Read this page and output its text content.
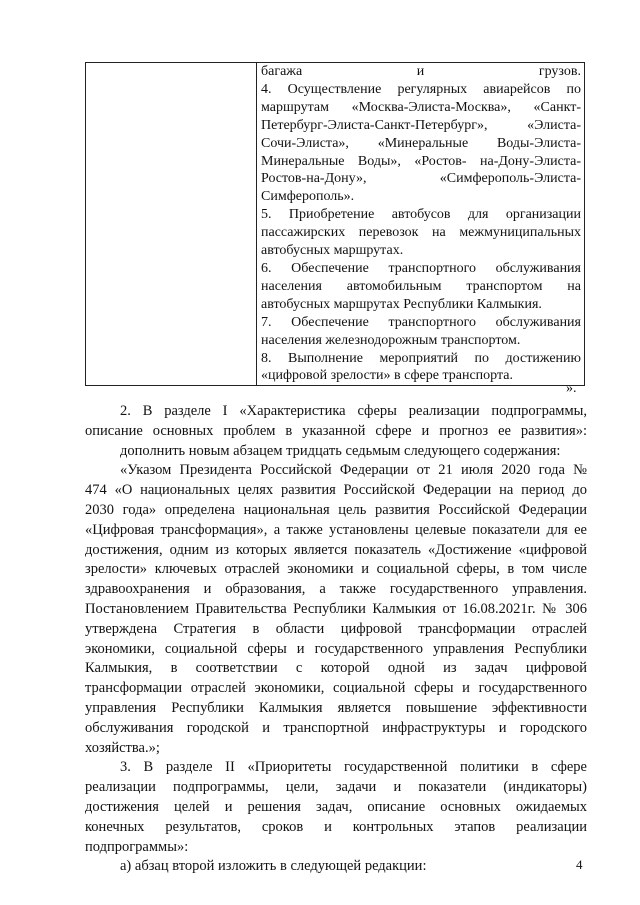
багажа и грузов.
4. Осуществление регулярных авиарейсов по
маршрутам «Москва-Элиста-Москва», «Санкт-
Петербург-Элиста-Санкт-Петербург», «Элиста-
Сочи-Элиста», «Минеральные Воды-Элиста-
Минеральные Воды», «Ростов- на-Дону-Элиста-
Ростов-на-Дону», «Симферополь-Элиста-
Симферополь».
5. Приобретение автобусов для организации
пассажирских перевозок на межмуниципальных
автобусных маршрутах.
6. Обеспечение транспортного обслуживания
населения автомобильным транспортом на
автобусных маршрутах Республики Калмыкия.
7. Обеспечение транспортного обслуживания
населения железнодорожным транспортом.
8. Выполнение мероприятий по достижению
«цифровой зрелости» в сфере транспорта.
».
2. В разделе I «Характеристика сферы реализации подпрограммы,
описание основных проблем в указанной сфере и прогноз ее развития»:
дополнить новым абзацем тридцать седьмым следующего содержания:
«Указом Президента Российской Федерации от 21 июля 2020 года №
474 «О национальных целях развития Российской Федерации на период до
2030 года» определена национальная цель развития Российской Федерации
«Цифровая трансформация», а также установлены целевые показатели для ее
достижения, одним из которых является показатель «Достижение «цифровой
зрелости» ключевых отраслей экономики и социальной сферы, в том числе
здравоохранения и образования, а также государственного управления.
Постановлением Правительства Республики Калмыкия от 16.08.2021г. № 306
утверждена Стратегия в области цифровой трансформации отраслей
экономики, социальной сферы и государственного управления Республики
Калмыкия, в соответствии с которой одной из задач цифровой
трансформации отраслей экономики, социальной сферы и государственного
управления Республики Калмыкия является повышение эффективности
обслуживания городской и транспортной инфраструктуры и городского
хозяйства.»;
3. В разделе II «Приоритеты государственной политики в сфере
реализации подпрограммы, цели, задачи и показатели (индикаторы)
достижения целей и решения задач, описание основных ожидаемых
конечных результатов, сроков и контрольных этапов реализации
подпрограммы»:
а) абзац второй изложить в следующей редакции:	4
